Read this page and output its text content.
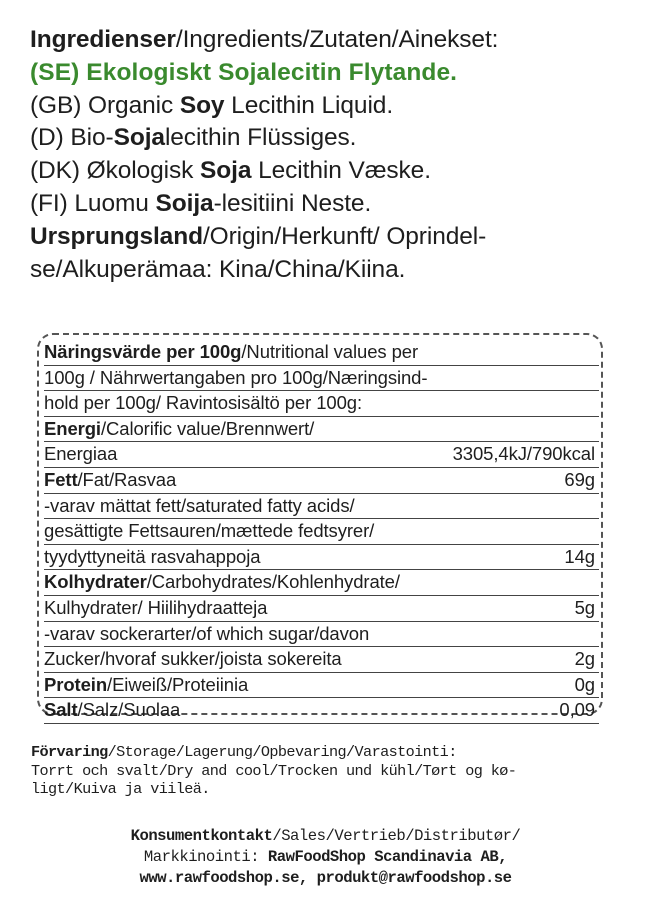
Ingredienser/Ingredients/Zutaten/Ainekset:
(SE) Ekologiskt Sojalecitin Flytande.
(GB) Organic Soy Lecithin Liquid.
(D) Bio-Sojalecithin Flüssiges.
(DK) Økologisk Soja Lecithin Væske.
(FI) Luomu Soija-lesitiini Neste.
Ursprungsland/Origin/Herkunft/ Oprindel-
se/Alkuperämaa: Kina/China/Kiina.
Näringsvärde per 100g/Nutritional values per
100g / Nährwertangaben pro 100g/Næringsind-
hold per 100g/ Ravintosisältö per 100g:
Energi/Calorific value/Brennwert/
Energiaa	3305,4kJ/790kcal
Fett/Fat/Rasvaa	69g
-varav mättat fett/saturated fatty acids/
gesättigte Fettsauren/mættede fedtsyrer/
tyydyttyneitä rasvahappoja	14g
Kolhydrater/Carbohydrates/Kohlenhydrate/
Kulhydrater/ Hiilihydraatteja	5g
-varav sockerarter/of which sugar/davon
Zucker/hvoraf sukker/joista sokereita	2g
Protein/Eiweiß/Proteiinia	0g
Salt/Salz/Suolaa	0,09
Förvaring/Storage/Lagerung/Opbevaring/Varastointi:
Torrt och svalt/Dry and cool/Trocken und kühl/Tørt og kø-
ligt/Kuiva ja viileä.
Konsumentkontakt/Sales/Vertrieb/Distributør/
Markkinointi: RawFoodShop Scandinavia AB,
www.rawfoodshop.se, produkt@rawfoodshop.se
